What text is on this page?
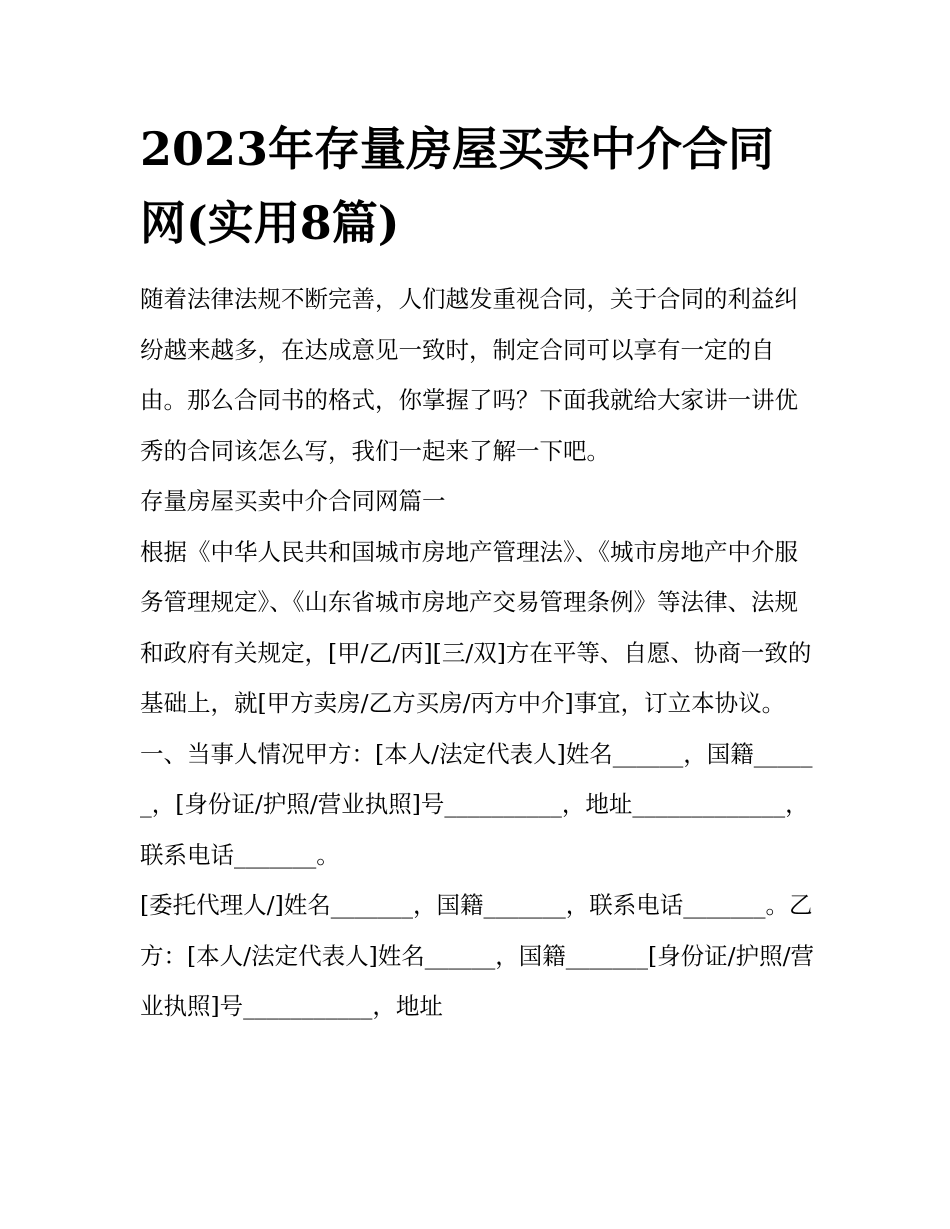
2023年存量房屋买卖中介合同网(实用8篇)

随着法律法规不断完善，人们越发重视合同，关于合同的利益纠纷越来越多，在达成意见一致时，制定合同可以享有一定的自由。那么合同书的格式，你掌握了吗？下面我就给大家讲一讲优秀的合同该怎么写，我们一起来了解一下吧。

存量房屋买卖中介合同网篇一

根据《中华人民共和国城市房地产管理法》、《城市房地产中介服务管理规定》、《山东省城市房地产交易管理条例》等法律、法规和政府有关规定，[甲/乙/丙][三/双]方在平等、自愿、协商一致的基础上，就[甲方卖房/乙方买房/丙方中介]事宜，订立本协议。

一、当事人情况甲方：[本人/法定代表人]姓名______，国籍______，[身份证/护照/营业执照]号__________，地址_____________，联系电话_______。

[委托代理人/]姓名_______，国籍_______，联系电话_______。乙方：[本人/法定代表人]姓名______，国籍_______[身份证/护照/营业执照]号___________，地址
